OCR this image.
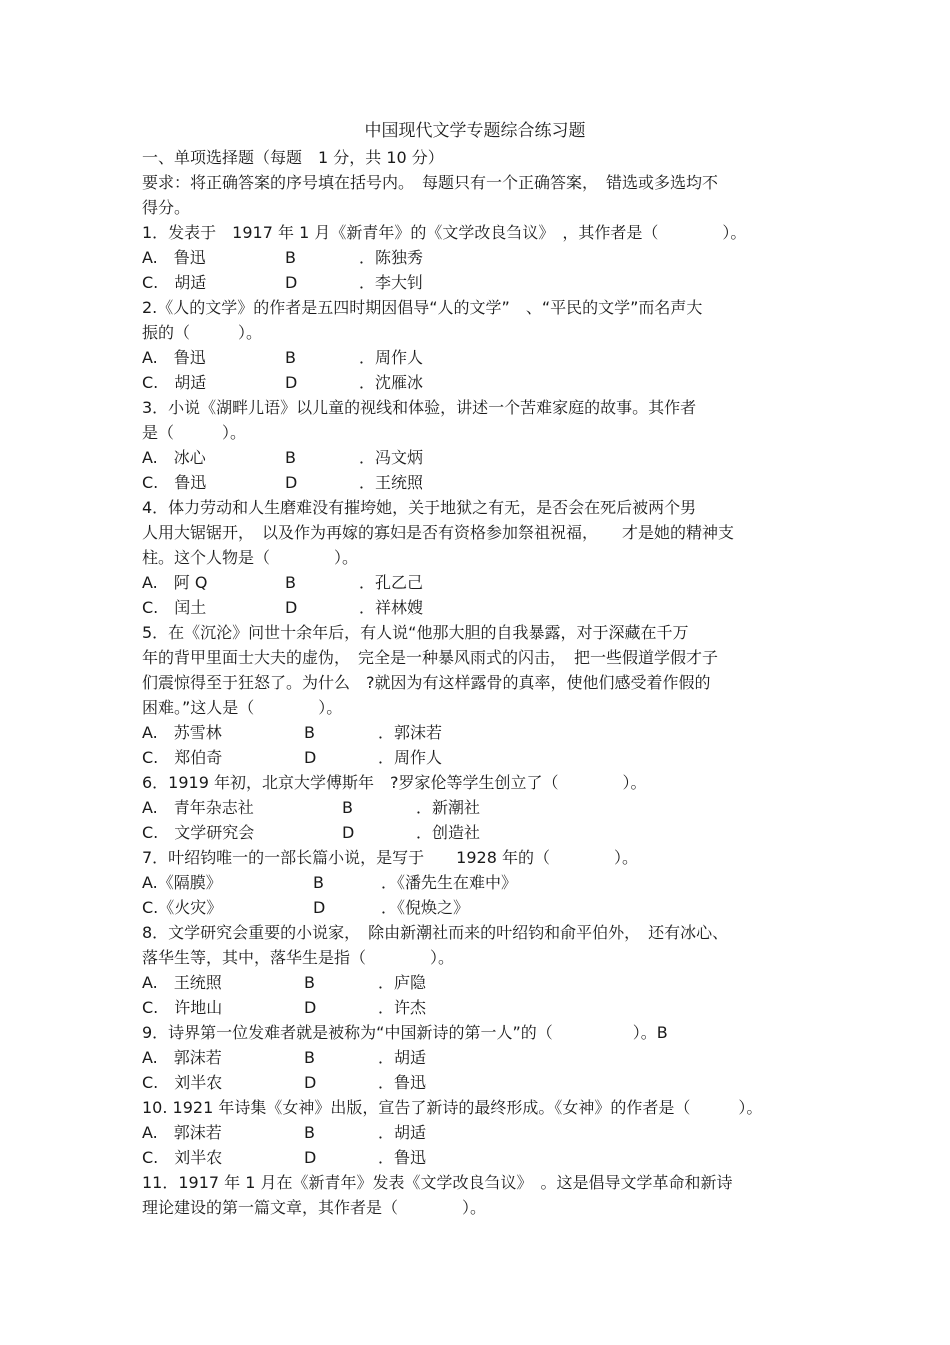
中国现代文学专题综合练习题
一、单项选择题（每题　1 分，共 10 分）
要求：将正确答案的序号填在括号内。　每题只有一个正确答案，　错选或多选均不
得分。
1．发表于　1917 年 1 月《新青年》的《文学改良刍议》　，其作者是（　　　　）。
A.　鲁迅	B	．陈独秀
C.　胡适	D	．李大钊
2.《人的文学》的作者是五四时期因倡导“人的文学”　、“平民的文学”而名声大
振的（　　　）。
A.　鲁迅	B	．周作人
C.　胡适	D	．沈雁冰
3．小说《湖畔儿语》以儿童的视线和体验，讲述一个苦难家庭的故事。其作者
是（　　　）。
A.　冰心	B	．冯文炳
C.　鲁迅	D	．王统照
4．体力劳动和人生磨难没有摧垮她，关于地狱之有无，是否会在死后被两个男
人用大锯锯开，　以及作为再嫁的寡妇是否有资格参加祭祖祝福，　　才是她的精神支
柱。这个人物是（　　　　）。
A.　阿 Q	B	．孔乙己
C.　闰土	D	．祥林嫂
5．在《沉沦》问世十余年后，有人说“他那大胆的自我暴露，对于深藏在千万
年的背甲里面士大夫的虚伪，　完全是一种暴风雨式的闪击，　把一些假道学假才子
们震惊得至于狂怒了。为什么　?就因为有这样露骨的真率，使他们感受着作假的
困难。”这人是（　　　　）。
A.　苏雪林	B	．郭沫若
C.　郑伯奇	D	．周作人
6．1919 年初，北京大学傅斯年　?罗家伦等学生创立了（　　　　）。
A.　青年杂志社	B	．新潮社
C.　文学研究会	D	．创造社
7．叶绍钧唯一的一部长篇小说，是写于　　1928 年的（　　　　）。
A.《隔膜》	B	．《潘先生在难中》
C.《火灾》	D	．《倪焕之》
8．文学研究会重要的小说家，　除由新潮社而来的叶绍钧和俞平伯外，　还有冰心、
落华生等，其中，落华生是指（　　　　）。
A.　王统照	B	．庐隐
C.　许地山	D	．许杰
9．诗界第一位发难者就是被称为“中国新诗的第一人”的（　　　　　）。B
A.　郭沫若	B	．胡适
C.　刘半农	D	．鲁迅
10. 1921 年诗集《女神》出版，宣告了新诗的最终形成。《女神》的作者是（　　　）。
A.　郭沫若	B	．胡适
C.　刘半农	D	．鲁迅
11．1917 年 1 月在《新青年》发表《文学改良刍议》　。这是倡导文学革命和新诗
理论建设的第一篇文章，其作者是（　　　　）。
